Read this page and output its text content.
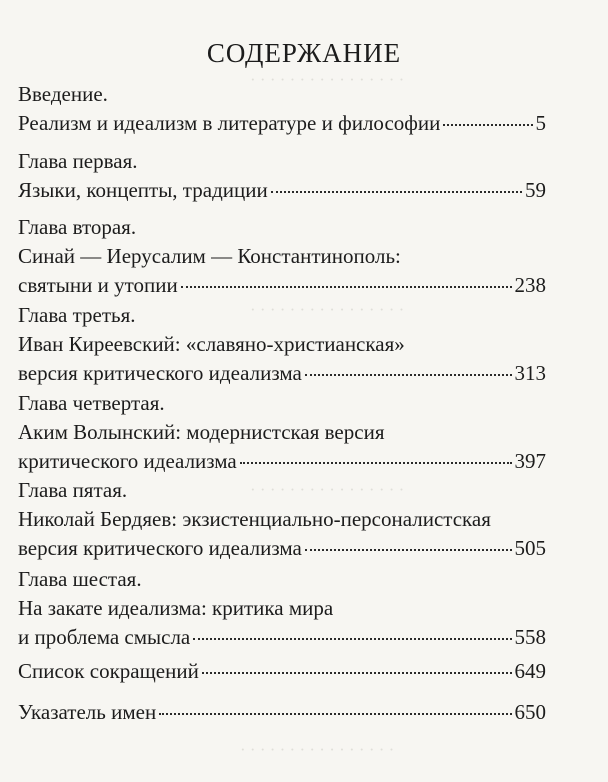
· · · · · · · · · · · · · · · ·
· · · · · · · · · · · · · · · ·
· · · · · · · · · · · · · · · ·
· · · · · · · · · · · · · · · ·
СОДЕРЖАНИЕ
Введение.
Реализм и идеализм в литературе и философии	5
Глава первая.
Языки, концепты, традиции	59
Глава вторая.
Синай — Иерусалим — Константинополь:
святыни и утопии	238
Глава третья.
Иван Киреевский: «славяно-христианская»
версия критического идеализма	313
Глава четвертая.
Аким Волынский: модернистская версия
критического идеализма	397
Глава пятая.
Николай Бердяев: экзистенциально-персоналистская
версия критического идеализма	505
Глава шестая.
На закате идеализма: критика мира
и проблема смысла	558
Список сокращений	649
Указатель имен	650
